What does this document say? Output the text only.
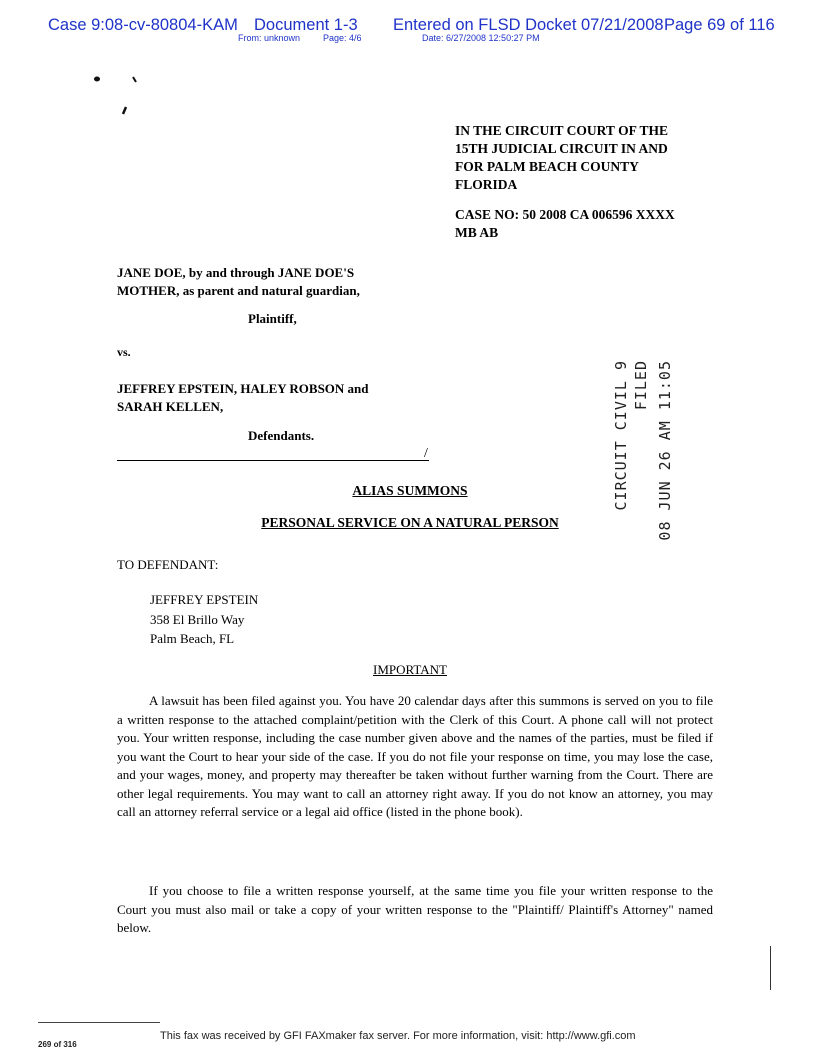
Case 9:08-cv-80804-KAM Document 1-3 Entered on FLSD Docket 07/21/2008 Page 69 of 116
From: unknown	Page: 4/6	Date: 6/27/2008 12:50:27 PM
IN THE CIRCUIT COURT OF THE
15TH JUDICIAL CIRCUIT IN AND
FOR PALM BEACH COUNTY
FLORIDA
CASE NO: 50 2008 CA 006596 XXXX
MB AB
JANE DOE, by and through JANE DOE'S
MOTHER, as parent and natural guardian,
Plaintiff,
vs.
JEFFREY EPSTEIN, HALEY ROBSON and
SARAH KELLEN,
Defendants.
/	CIRCUIT CIVIL 9 FILED 08 JUN 26 AM 11:05
ALIAS SUMMONS
PERSONAL SERVICE ON A NATURAL PERSON
TO DEFENDANT:
JEFFREY EPSTEIN
358 El Brillo Way
Palm Beach, FL
IMPORTANT
A lawsuit has been filed against you. You have 20 calendar days after this summons is served on you to file a written response to the attached complaint/petition with the Clerk of this Court. A phone call will not protect you. Your written response, including the case number given above and the names of the parties, must be filed if you want the Court to hear your side of the case. If you do not file your response on time, you may lose the case, and your wages, money, and property may thereafter be taken without further warning from the Court. There are other legal requirements. You may want to call an attorney right away. If you do not know an attorney, you may call an attorney referral service or a legal aid office (listed in the phone book).
If you choose to file a written response yourself, at the same time you file your written response to the Court you must also mail or take a copy of your written response to the "Plaintiff/ Plaintiff's Attorney" named below.
269 of 316
This fax was received by GFI FAXmaker fax server. For more information, visit: http://www.gfi.com
